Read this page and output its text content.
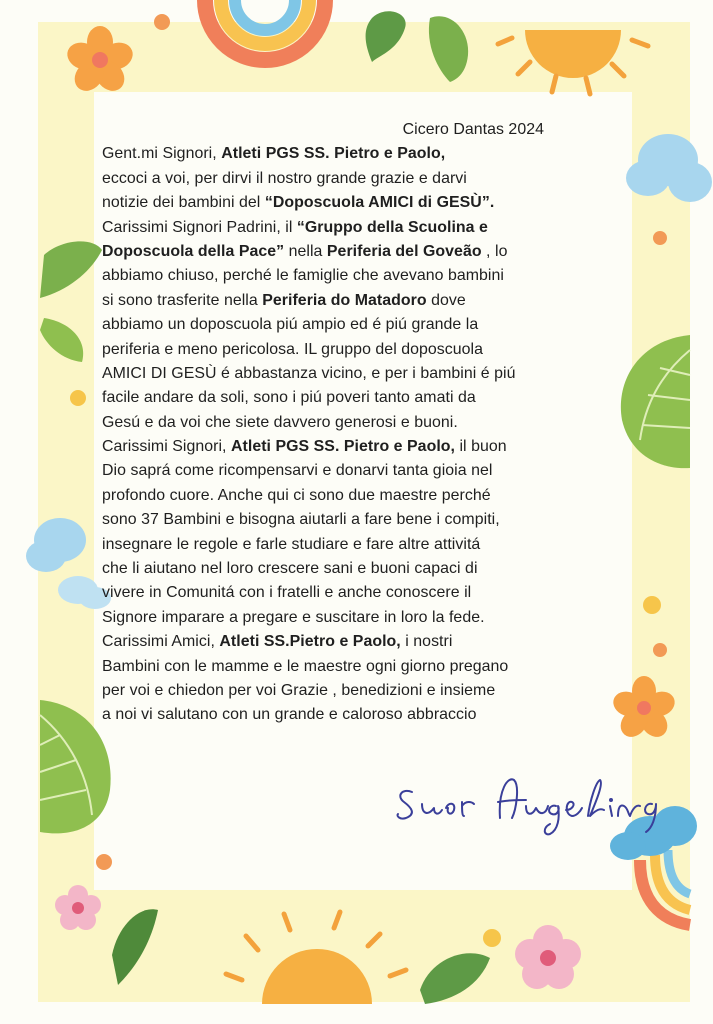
Cicero Dantas 2024
Gent.mi Signori, Atleti PGS SS. Pietro e Paolo,
eccoci a voi, per dirvi il nostro grande grazie e darvi
notizie dei bambini del “Doposcuola AMICI di GESÙ”.
Carissimi Signori Padrini, il “Gruppo della Scuolina e
Doposcuola della Pace” nella Periferia del Goveão , lo
abbiamo chiuso, perché le famiglie che avevano bambini
si sono trasferite nella Periferia do Matadoro dove
abbiamo un doposcuola piú ampio ed é piú grande la
periferia e meno pericolosa. IL gruppo del doposcuola
AMICI DI GESÙ é abbastanza vicino, e per i bambini é piú
facile andare da soli, sono i piú poveri tanto amati da
Gesú e da voi che siete davvero generosi e buoni.
Carissimi Signori, Atleti PGS SS. Pietro e Paolo, il buon
Dio saprá come ricompensarvi e donarvi tanta gioia nel
profondo cuore. Anche qui ci sono due maestre perché
sono 37 Bambini e bisogna aiutarli a fare bene i compiti,
insegnare le regole e farle studiare e fare altre attivitá
che li aiutano nel loro crescere sani e buoni capaci di
vivere in Comunitá con i fratelli e anche conoscere il
Signore imparare a pregare e suscitare in loro la fede.
Carissimi Amici, Atleti SS.Pietro e Paolo, i nostri
Bambini con le mamme e le maestre ogni giorno pregano
per voi e chiedon per voi Grazie , benedizioni e insieme
a noi vi salutano con un grande e caloroso abbraccio
